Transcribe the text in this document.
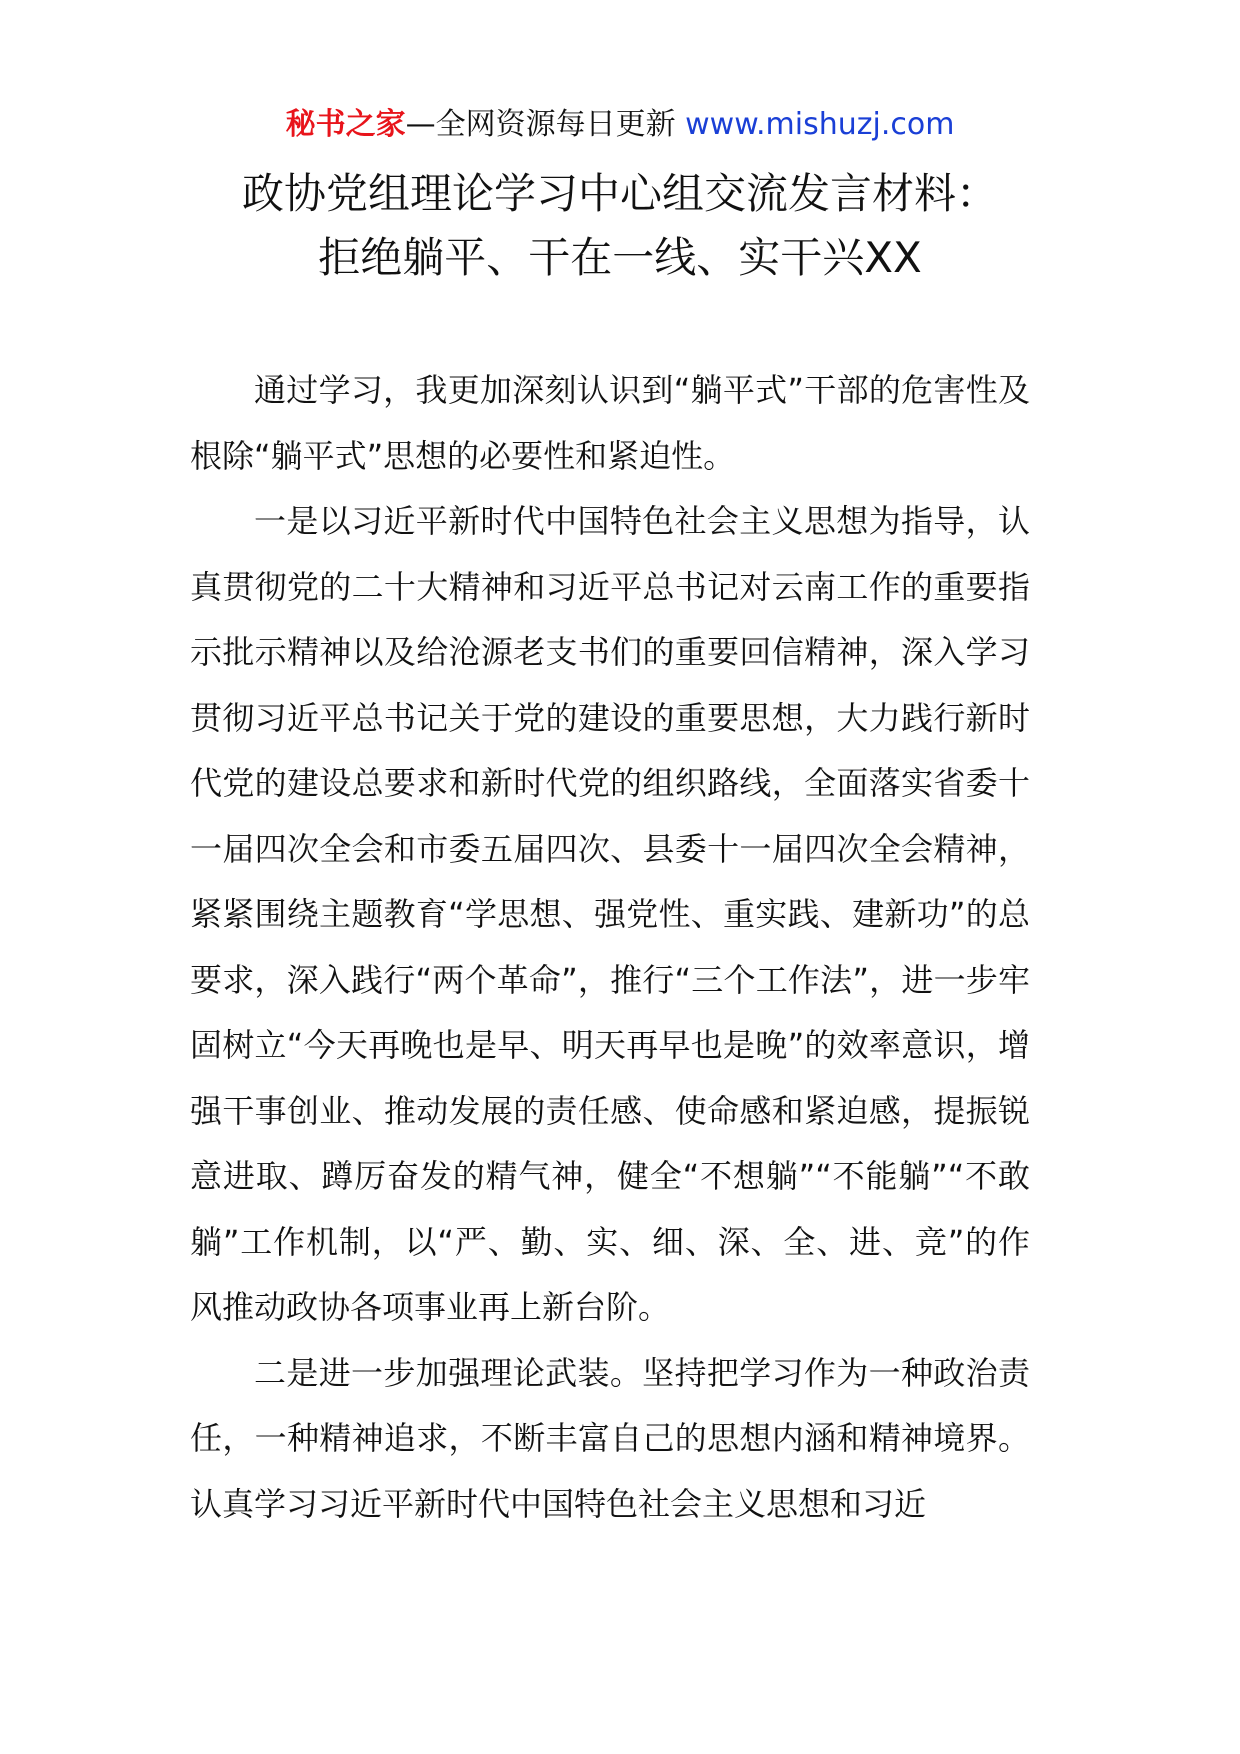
秘书之家—全网资源每日更新 www.mishuzj.com
政协党组理论学习中心组交流发言材料：
拒绝躺平、干在一线、实干兴XX

通过学习，我更加深刻认识到“躺平式”干部的危害性及根除“躺平式”思想的必要性和紧迫性。

一是以习近平新时代中国特色社会主义思想为指导，认真贯彻党的二十大精神和习近平总书记对云南工作的重要指示批示精神以及给沧源老支书们的重要回信精神，深入学习贯彻习近平总书记关于党的建设的重要思想，大力践行新时代党的建设总要求和新时代党的组织路线，全面落实省委十一届四次全会和市委五届四次、县委十一届四次全会精神，紧紧围绕主题教育“学思想、强党性、重实践、建新功”的总要求，深入践行“两个革命”，推行“三个工作法”，进一步牢固树立“今天再晚也是早、明天再早也是晚”的效率意识，增强干事创业、推动发展的责任感、使命感和紧迫感，提振锐意进取、蹲厉奋发的精气神，健全“不想躺”“不能躺”“不敢躺”工作机制，以“严、勤、实、细、深、全、进、竞”的作风推动政协各项事业再上新台阶。

二是进一步加强理论武装。坚持把学习作为一种政治责任，一种精神追求，不断丰富自己的思想内涵和精神境界。认真学习习近平新时代中国特色社会主义思想和习近
